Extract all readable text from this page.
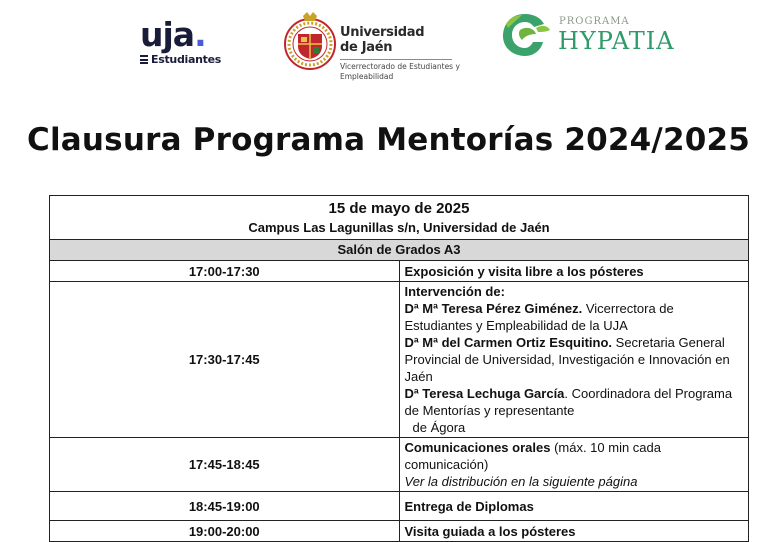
uja.
Estudiantes
Universidad
de Jaén
Vicerrectorado de Estudiantes y
Empleabilidad
PROGRAMA
HYPATIA
Clausura Programa Mentorías 2024/2025
15 de mayo de 2025
Campus Las Lagunillas s/n, Universidad de Jaén	

Salón de Grados A3	
17:00-17:30	Exposición y visita libre a los pósteres
17:30-17:45	Intervención de:
Dª Mª Teresa Pérez Giménez. Vicerrectora de Estudiantes y Empleabilidad de la UJA
Dª Mª del Carmen Ortiz Esquitino. Secretaria General Provincial de Universidad, Investigación e Innovación en Jaén
Dª Teresa Lechuga García. Coordinadora del Programa de Mentorías y representante
de Ágora

17:45-18:45	Comunicaciones orales (máx. 10 min cada comunicación)
Ver la distribución en la siguiente página

18:45-19:00	Entrega de Diplomas
19:00-20:00	Visita guiada a los pósteres
